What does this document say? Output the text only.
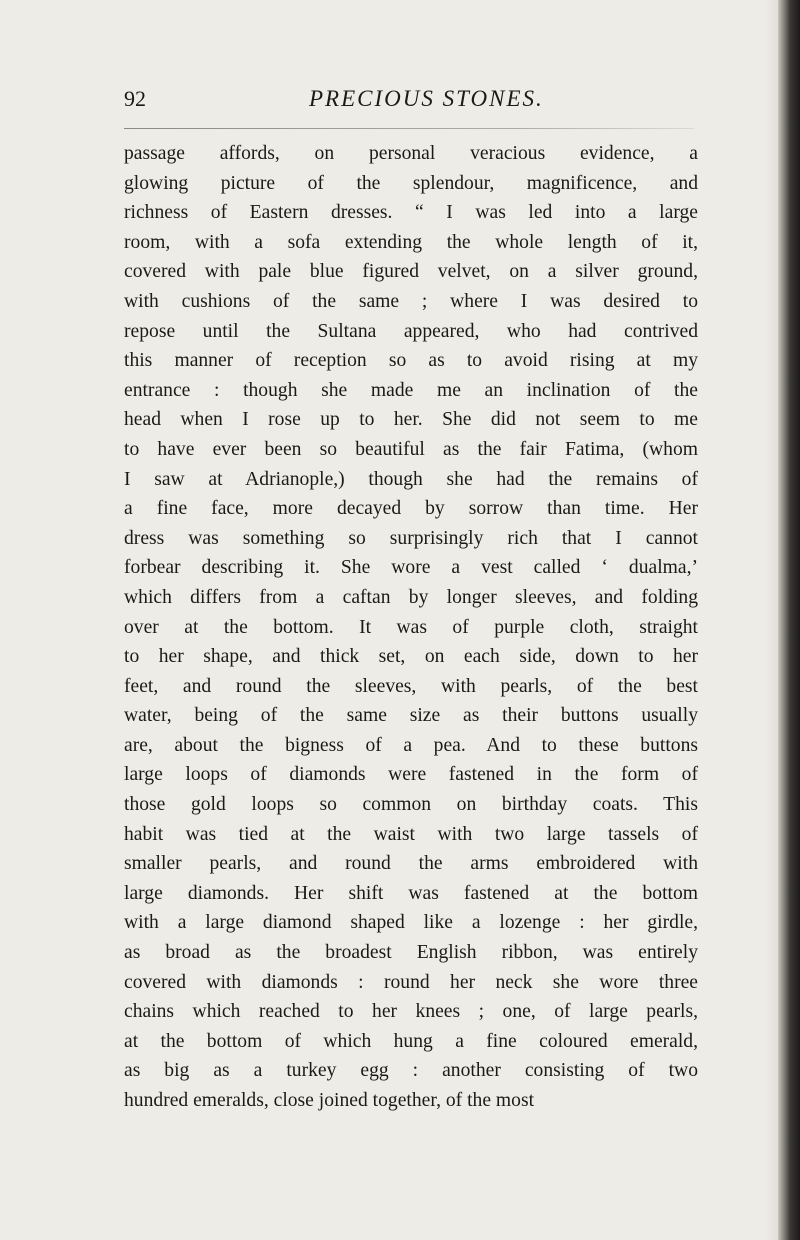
92	PRECIOUS STONES.
passage affords, on personal veracious evidence, a
glowing picture of the splendour, magnificence, and
richness of Eastern dresses. “ I was led into a large
room, with a sofa extending the whole length of it,
covered with pale blue figured velvet, on a silver ground,
with cushions of the same ; where I was desired to
repose until the Sultana appeared, who had contrived
this manner of reception so as to avoid rising at my
entrance : though she made me an inclination of the
head when I rose up to her. She did not seem to me
to have ever been so beautiful as the fair Fatima, (whom
I saw at Adrianople,) though she had the remains of
a fine face, more decayed by sorrow than time. Her
dress was something so surprisingly rich that I cannot
forbear describing it. She wore a vest called ‘ dualma,’
which differs from a caftan by longer sleeves, and folding
over at the bottom. It was of purple cloth, straight
to her shape, and thick set, on each side, down to her
feet, and round the sleeves, with pearls, of the best
water, being of the same size as their buttons usually
are, about the bigness of a pea. And to these buttons
large loops of diamonds were fastened in the form of
those gold loops so common on birthday coats. This
habit was tied at the waist with two large tassels of
smaller pearls, and round the arms embroidered with
large diamonds. Her shift was fastened at the bottom
with a large diamond shaped like a lozenge : her girdle,
as broad as the broadest English ribbon, was entirely
covered with diamonds : round her neck she wore three
chains which reached to her knees ; one, of large pearls,
at the bottom of which hung a fine coloured emerald,
as big as a turkey egg : another consisting of two
hundred emeralds, close joined together, of the most
